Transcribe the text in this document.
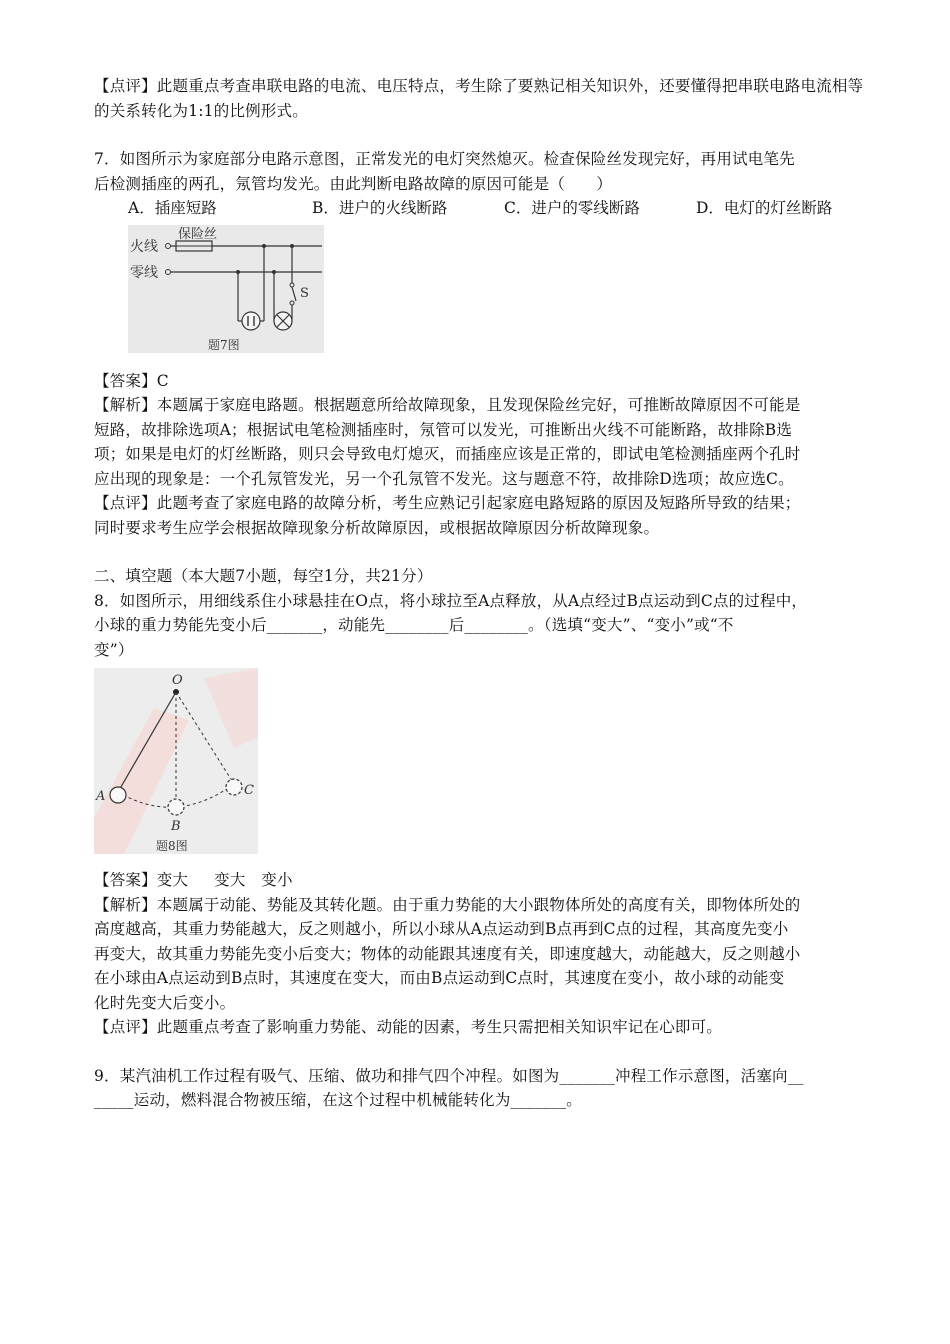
【点评】此题重点考查串联电路的电流、电压特点，考生除了要熟记相关知识外，还要懂得把串联电路电流相等的关系转化为1:1的比例形式。

7．如图所示为家庭部分电路示意图，正常发光的电灯突然熄灭。检查保险丝发现完好，再用试电笔先

后检测插座的两孔，氖管均发光。由此判断电路故障的原因可能是（　　）

A．插座短路	B．进户的火线断路	C．进户的零线断路	D．电灯的灯丝断路
火线
零线
保险丝
S
题7图

【答案】C

【解析】本题属于家庭电路题。根据题意所给故障现象，且发现保险丝完好，可推断故障原因不可能是

短路，故排除选项A；根据试电笔检测插座时，氖管可以发光，可推断出火线不可能断路，故排除B选

项；如果是电灯的灯丝断路，则只会导致电灯熄灭，而插座应该是正常的，即试电笔检测插座两个孔时

应出现的现象是：一个孔氖管发光，另一个孔氖管不发光。这与题意不符，故排除D选项；故应选C。

【点评】此题考查了家庭电路的故障分析，考生应熟记引起家庭电路短路的原因及短路所导致的结果；

同时要求考生应学会根据故障现象分析故障原因，或根据故障原因分析故障现象。

二、填空题（本大题7小题，每空1分，共21分）

8．如图所示，用细线系住小球悬挂在O点，将小球拉至A点释放，从A点经过B点运动到C点的过程中，

小球的重力势能先变小后_______，动能先________后________。（选填“变大”、“变小”或“不

变”）

O
A
B
C
题8图

【答案】变大　  变大　变小

【解析】本题属于动能、势能及其转化题。由于重力势能的大小跟物体所处的高度有关，即物体所处的

高度越高，其重力势能越大，反之则越小，所以小球从A点运动到B点再到C点的过程，其高度先变小

再变大，故其重力势能先变小后变大；物体的动能跟其速度有关，即速度越大，动能越大，反之则越小

在小球由A点运动到B点时，其速度在变大，而由B点运动到C点时，其速度在变小，故小球的动能变

化时先变大后变小。

【点评】此题重点考查了影响重力势能、动能的因素，考生只需把相关知识牢记在心即可。

9．某汽油机工作过程有吸气、压缩、做功和排气四个冲程。如图为_______冲程工作示意图，活塞向__

_____运动，燃料混合物被压缩，在这个过程中机械能转化为_______。
